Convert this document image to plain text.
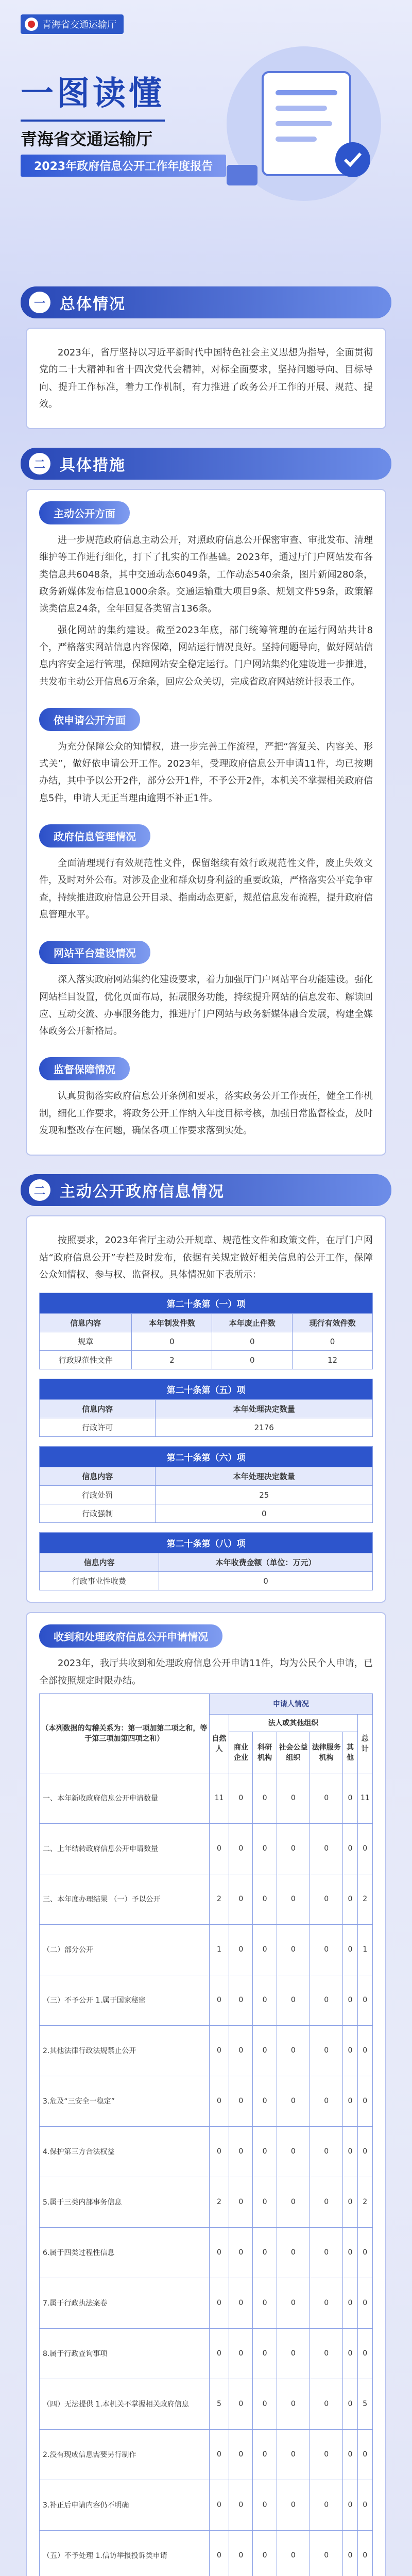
青海省交通运输厅
一图读懂
青海省交通运输厅
2023年政府信息公开工作年度报告
一 总体情况

2023年，省厅坚持以习近平新时代中国特色社会主义思想为指导，全面贯彻党的二十大精神和省十四次党代会精神，对标全面要求，坚持问题导向、目标导向、提升工作标准，着力工作机制，有力推进了政务公开工作的开展、规范、提效。

二 具体措施
主动公开方面

进一步规范政府信息主动公开，对照政府信息公开保密审查、审批发布、清理维护等工作进行细化，打下了扎实的工作基础。2023年，通过厅门户网站发布各类信息共6048条，其中交通动态6049条，工作动态540余条，图片新闻280条，政务新媒体发布信息1000余条。交通运输重大项目9条、规划文件59条，政策解读类信息24条，全年回复各类留言136条。

强化网站的集约建设。截至2023年底，部门统筹管理的在运行网站共计8个，严格落实网站信息内容保障，网站运行情况良好。坚持问题导向，做好网站信息内容安全运行管理，保障网站安全稳定运行。门户网站集约化建设进一步推进，共发布主动公开信息6万余条，回应公众关切，完成省政府网站统计报表工作。

依申请公开方面

为充分保障公众的知情权，进一步完善工作流程，严把“答复关、内容关、形式关”，做好依申请公开工作。2023年，受理政府信息公开申请11件，均已按期办结，其中予以公开2件，部分公开1件，不予公开2件，本机关不掌握相关政府信息5件，申请人无正当理由逾期不补正1件。

政府信息管理情况

全面清理现行有效规范性文件，保留继续有效行政规范性文件，废止失效文件，及时对外公布。对涉及企业和群众切身利益的重要政策，严格落实公平竞争审查，持续推进政府信息公开目录、指南动态更新，规范信息发布流程，提升政府信息管理水平。

网站平台建设情况

深入落实政府网站集约化建设要求，着力加强厅门户网站平台功能建设。强化网站栏目设置，优化页面布局，拓展服务功能，持续提升网站的信息发布、解读回应、互动交流、办事服务能力，推进厅门户网站与政务新媒体融合发展，构建全媒体政务公开新格局。

监督保障情况

认真贯彻落实政府信息公开条例和要求，落实政务公开工作责任，健全工作机制，细化工作要求，将政务公开工作纳入年度目标考核，加强日常监督检查，及时发现和整改存在问题，确保各项工作要求落到实处。

二 主动公开政府信息情况

按照要求，2023年省厅主动公开规章、规范性文件和政策文件，在厅门户网站“政府信息公开”专栏及时发布，依据有关规定做好相关信息的公开工作，保障公众知情权、参与权、监督权。具体情况如下表所示：

第二十条第（一）项			
信息内容	本年制发件数	本年废止件数	现行有效件数
规章	0	0	0
行政规范性文件	2	0	12
第二十条第（五）项	
信息内容	本年处理决定数量
行政许可	2176
第二十条第（六）项	
信息内容	本年处理决定数量
行政处罚	25
行政强制	0
第二十条第（八）项	
信息内容	本年收费金额（单位：万元）
行政事业性收费	0
收到和处理政府信息公开申请情况

2023年，我厅共收到和处理政府信息公开申请11件，均为公民个人申请，已全部按照规定时限办结。

（本列数据的勾稽关系为：第一项加第二项之和，等于第三项加第四项之和）	申请人情况						
	自然人	法人或其他组织					总计
		商业企业	科研机构	社会公益组织	法律服务机构	其他	
一、本年新收政府信息公开申请数量	11	0	0	0	0	0	11
二、上年结转政府信息公开申请数量	0	0	0	0	0	0	0
三、本年度办理结果 （一）予以公开	2	0	0	0	0	0	2
（二）部分公开	1	0	0	0	0	0	1
（三）不予公开 1.属于国家秘密	0	0	0	0	0	0	0
2.其他法律行政法规禁止公开	0	0	0	0	0	0	0
3.危及“三安全一稳定”	0	0	0	0	0	0	0
4.保护第三方合法权益	0	0	0	0	0	0	0
5.属于三类内部事务信息	2	0	0	0	0	0	2
6.属于四类过程性信息	0	0	0	0	0	0	0
7.属于行政执法案卷	0	0	0	0	0	0	0
8.属于行政查询事项	0	0	0	0	0	0	0
（四）无法提供 1.本机关不掌握相关政府信息	5	0	0	0	0	0	5
2.没有现成信息需要另行制作	0	0	0	0	0	0	0
3.补正后申请内容仍不明确	0	0	0	0	0	0	0
（五）不予处理 1.信访举报投诉类申请	0	0	0	0	0	0	0
